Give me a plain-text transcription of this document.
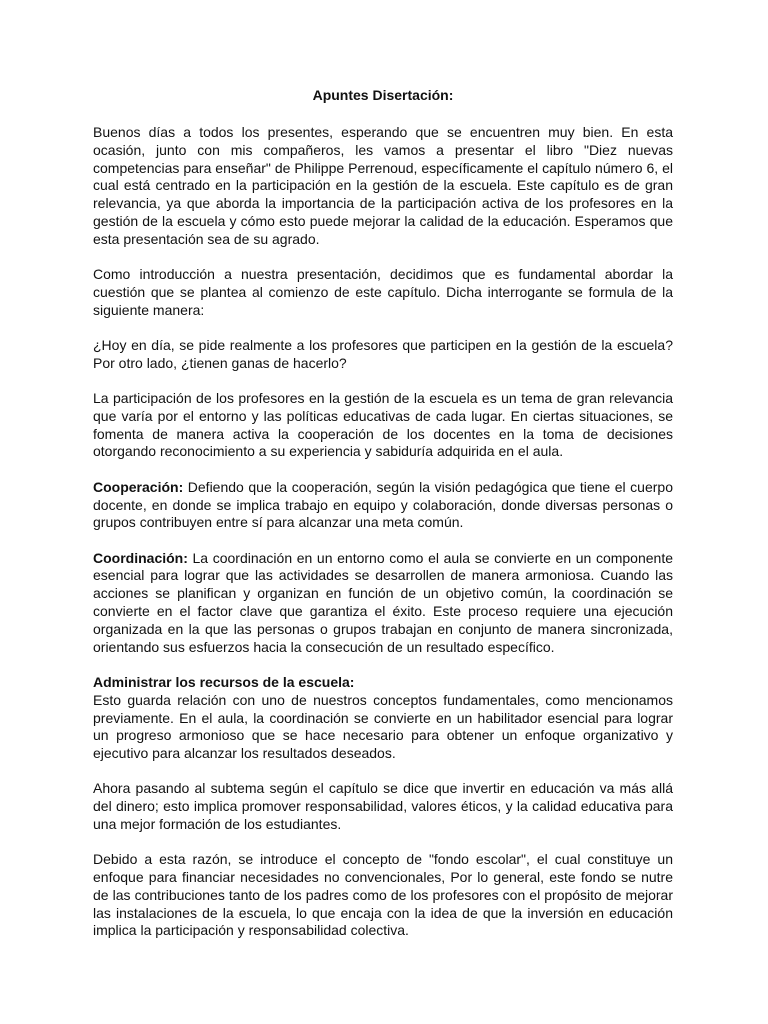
Apuntes Disertación:

Buenos días a todos los presentes, esperando que se encuentren muy bien. En esta ocasión, junto con mis compañeros, les vamos a presentar el libro "Diez nuevas competencias para enseñar" de Philippe Perrenoud, específicamente el capítulo número 6, el cual está centrado en la participación en la gestión de la escuela. Este capítulo es de gran relevancia, ya que aborda la importancia de la participación activa de los profesores en la gestión de la escuela y cómo esto puede mejorar la calidad de la educación. Esperamos que esta presentación sea de su agrado.

Como introducción a nuestra presentación, decidimos que es fundamental abordar la cuestión que se plantea al comienzo de este capítulo. Dicha interrogante se formula de la siguiente manera:

¿Hoy en día, se pide realmente a los profesores que participen en la gestión de la escuela? Por otro lado, ¿tienen ganas de hacerlo?

La participación de los profesores en la gestión de la escuela es un tema de gran relevancia que varía por el entorno y las políticas educativas de cada lugar. En ciertas situaciones, se fomenta de manera activa la cooperación de los docentes en la toma de decisiones otorgando reconocimiento a su experiencia y sabiduría adquirida en el aula.

Cooperación: Defiendo que la cooperación, según la visión pedagógica que tiene el cuerpo docente, en donde se implica trabajo en equipo y colaboración, donde diversas personas o grupos contribuyen entre sí para alcanzar una meta común.

Coordinación: La coordinación en un entorno como el aula se convierte en un componente esencial para lograr que las actividades se desarrollen de manera armoniosa. Cuando las acciones se planifican y organizan en función de un objetivo común, la coordinación se convierte en el factor clave que garantiza el éxito. Este proceso requiere una ejecución organizada en la que las personas o grupos trabajan en conjunto de manera sincronizada, orientando sus esfuerzos hacia la consecución de un resultado específico.

Administrar los recursos de la escuela:
Esto guarda relación con uno de nuestros conceptos fundamentales, como mencionamos previamente. En el aula, la coordinación se convierte en un habilitador esencial para lograr un progreso armonioso que se hace necesario para obtener un enfoque organizativo y ejecutivo para alcanzar los resultados deseados.

Ahora pasando al subtema según el capítulo se dice que invertir en educación va más allá del dinero; esto implica promover responsabilidad, valores éticos, y la calidad educativa para una mejor formación de los estudiantes.

Debido a esta razón, se introduce el concepto de "fondo escolar", el cual constituye un enfoque para financiar necesidades no convencionales, Por lo general, este fondo se nutre de las contribuciones tanto de los padres como de los profesores con el propósito de mejorar las instalaciones de la escuela, lo que encaja con la idea de que la inversión en educación implica la participación y responsabilidad colectiva.
